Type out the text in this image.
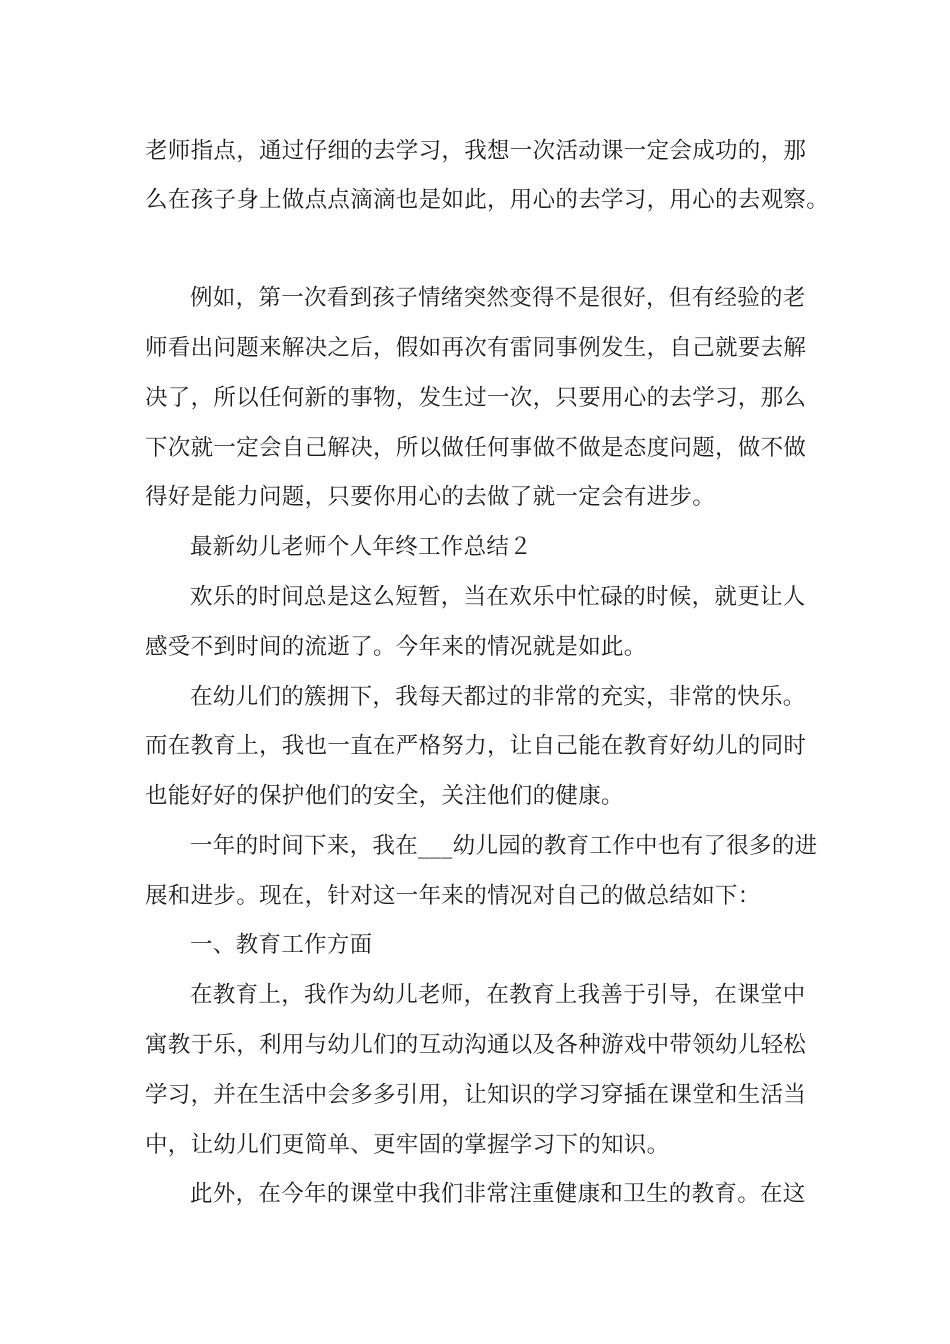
老师指点，通过仔细的去学习，我想一次活动课一定会成功的，那
么在孩子身上做点点滴滴也是如此，用心的去学习，用心的去观察。
例如，第一次看到孩子情绪突然变得不是很好，但有经验的老
师看出问题来解决之后，假如再次有雷同事例发生，自己就要去解
决了，所以任何新的事物，发生过一次，只要用心的去学习，那么
下次就一定会自己解决，所以做任何事做不做是态度问题，做不做
得好是能力问题，只要你用心的去做了就一定会有进步。
最新幼儿老师个人年终工作总结２
欢乐的时间总是这么短暂，当在欢乐中忙碌的时候，就更让人
感受不到时间的流逝了。今年来的情况就是如此。
在幼儿们的簇拥下，我每天都过的非常的充实，非常的快乐。
而在教育上，我也一直在严格努力，让自己能在教育好幼儿的同时
也能好好的保护他们的安全，关注他们的健康。
一年的时间下来，我在___幼儿园的教育工作中也有了很多的进
展和进步。现在，针对这一年来的情况对自己的做总结如下：
一、教育工作方面
在教育上，我作为幼儿老师，在教育上我善于引导，在课堂中
寓教于乐，利用与幼儿们的互动沟通以及各种游戏中带领幼儿轻松
学习，并在生活中会多多引用，让知识的学习穿插在课堂和生活当
中，让幼儿们更简单、更牢固的掌握学习下的知识。
此外，在今年的课堂中我们非常注重健康和卫生的教育。在这
